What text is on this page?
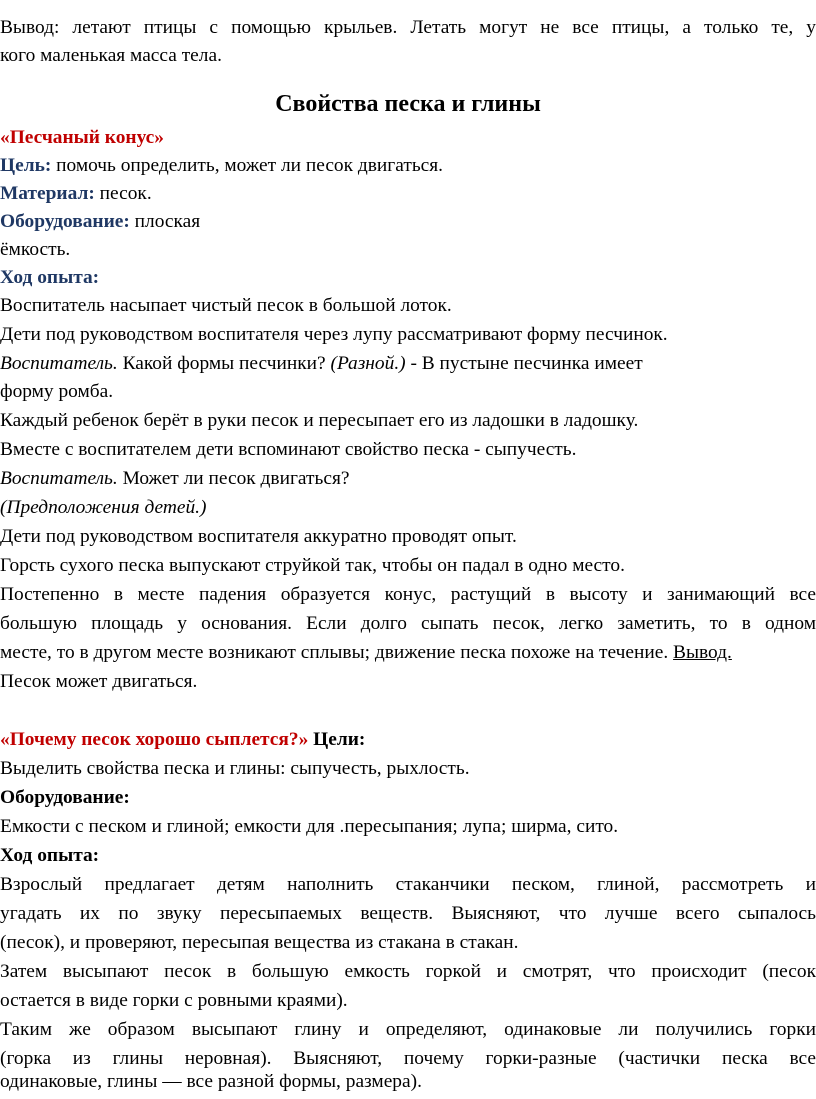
Вывод: летают птицы с помощью крыльев. Летать могут не все птицы, а только те, у
кого маленькая масса тела.
Свойства песка и глины
«Песчаный конус»
Цель: помочь определить, может ли песок двигаться.
Материал: песок.
Оборудование: плоская
ёмкость.
Ход опыта:
Воспитатель насыпает чистый песок в большой лоток.
Дети под руководством воспитателя через лупу рассматривают форму песчинок.
Воспитатель. Какой формы песчинки? (Разной.) - В пустыне песчинка имеет
форму ромба.
Каждый ребенок берёт в руки песок и пересыпает его из ладошки в ладошку.
Вместе с воспитателем дети вспоминают свойство песка - сыпучесть.
Воспитатель. Может ли песок двигаться?
(Предположения детей.)
Дети под руководством воспитателя аккуратно проводят опыт.
Горсть сухого песка выпускают струйкой так, чтобы он падал в одно место.
Постепенно в месте падения образуется конус, растущий в высоту и занимающий все
большую площадь у основания. Если долго сыпать песок, легко заметить, то в одном
месте, то в другом месте возникают сплывы; движение песка похоже на течение. Вывод.
Песок может двигаться.
«Почему песок хорошо сыплется?» Цели:
Выделить свойства песка и глины: сыпучесть, рыхлость.
Оборудование:
Емкости с песком и глиной; емкости для .пересыпания; лупа; ширма, сито.
Ход опыта:
Взрослый предлагает детям наполнить стаканчики песком, глиной, рассмотреть и
угадать их по звуку пересыпаемых веществ. Выясняют, что лучше всего сыпалось
(песок), и проверяют, пересыпая вещества из стакана в стакан.
Затем высыпают песок в большую емкость горкой и смотрят, что происходит (песок
остается в виде горки с ровными краями).
Таким же образом высыпают глину и определяют, одинаковые ли получились горки
(горка из глины неровная). Выясняют, почему горки-разные (частички песка все
одинаковые, глины — все разной формы, размера).
